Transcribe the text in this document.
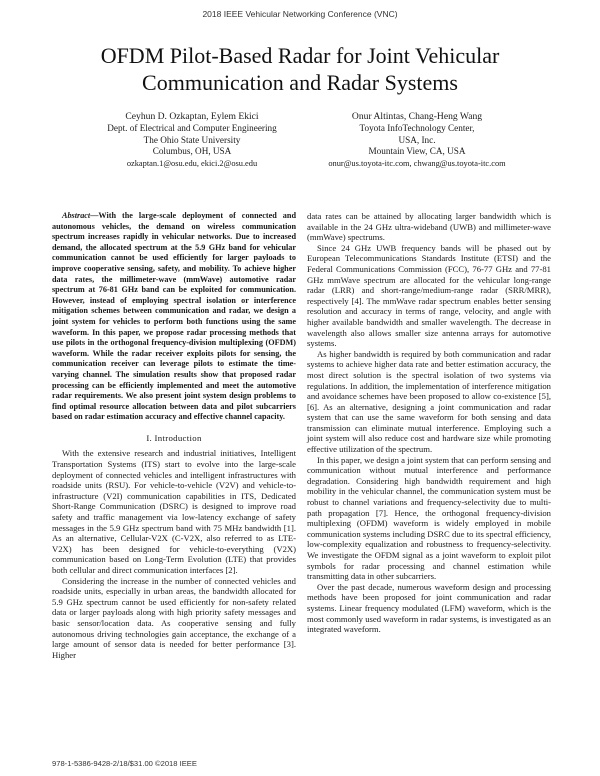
2018 IEEE Vehicular Networking Conference (VNC)
OFDM Pilot-Based Radar for Joint Vehicular
Communication and Radar Systems
Ceyhun D. Ozkaptan, Eylem Ekici
Dept. of Electrical and Computer Engineering
The Ohio State University
Columbus, OH, USA
ozkaptan.1@osu.edu, ekici.2@osu.edu
Onur Altintas, Chang-Heng Wang
Toyota InfoTechnology Center,
USA, Inc.
Mountain View, CA, USA
onur@us.toyota-itc.com, chwang@us.toyota-itc.com

Abstract—With the large-scale deployment of connected and autonomous vehicles, the demand on wireless communication spectrum increases rapidly in vehicular networks. Due to increased demand, the allocated spectrum at the 5.9 GHz band for vehicular communication cannot be used efficiently for larger payloads to improve cooperative sensing, safety, and mobility. To achieve higher data rates, the millimeter-wave (mmWave) automotive radar spectrum at 76-81 GHz band can be exploited for communication. However, instead of employing spectral isolation or interference mitigation schemes between communication and radar, we design a joint system for vehicles to perform both functions using the same waveform. In this paper, we propose radar processing methods that use pilots in the orthogonal frequency-division multiplexing (OFDM) waveform. While the radar receiver exploits pilots for sensing, the communication receiver can leverage pilots to estimate the time-varying channel. The simulation results show that proposed radar processing can be efficiently implemented and meet the automotive radar requirements. We also present joint system design problems to find optimal resource allocation between data and pilot subcarriers based on radar estimation accuracy and effective channel capacity.

I. Introduction

With the extensive research and industrial initiatives, Intelligent Transportation Systems (ITS) start to evolve into the large-scale deployment of connected vehicles and intelligent infrastructures with roadside units (RSU). For vehicle-to-vehicle (V2V) and vehicle-to-infrastructure (V2I) communication capabilities in ITS, Dedicated Short-Range Communication (DSRC) is designed to improve road safety and traffic management via low-latency exchange of safety messages in the 5.9 GHz spectrum band with 75 MHz bandwidth [1]. As an alternative, Cellular-V2X (C-V2X, also referred to as LTE-V2X) has been designed for vehicle-to-everything (V2X) communication based on Long-Term Evolution (LTE) that provides both cellular and direct communication interfaces [2].

Considering the increase in the number of connected vehicles and roadside units, especially in urban areas, the bandwidth allocated for 5.9 GHz spectrum cannot be used efficiently for non-safety related data or larger payloads along with high priority safety messages and basic sensor/location data. As cooperative sensing and fully autonomous driving technologies gain acceptance, the exchange of a large amount of sensor data is needed for better performance [3]. Higher

data rates can be attained by allocating larger bandwidth which is available in the 24 GHz ultra-wideband (UWB) and millimeter-wave (mmWave) spectrums.

Since 24 GHz UWB frequency bands will be phased out by European Telecommunications Standards Institute (ETSI) and the Federal Communications Commission (FCC), 76-77 GHz and 77-81 GHz mmWave spectrum are allocated for the vehicular long-range radar (LRR) and short-range/medium-range radar (SRR/MRR), respectively [4]. The mmWave radar spectrum enables better sensing resolution and accuracy in terms of range, velocity, and angle with higher available bandwidth and smaller wavelength. The decrease in wavelength also allows smaller size antenna arrays for automotive systems.

As higher bandwidth is required by both communication and radar systems to achieve higher data rate and better estimation accuracy, the most direct solution is the spectral isolation of two systems via regulations. In addition, the implementation of interference mitigation and avoidance schemes have been proposed to allow co-existence [5], [6]. As an alternative, designing a joint communication and radar system that can use the same waveform for both sensing and data transmission can eliminate mutual interference. Employing such a joint system will also reduce cost and hardware size while promoting effective utilization of the spectrum.

In this paper, we design a joint system that can perform sensing and communication without mutual interference and performance degradation. Considering high bandwidth requirement and high mobility in the vehicular channel, the communication system must be robust to channel variations and frequency-selectivity due to multi-path propagation [7]. Hence, the orthogonal frequency-division multiplexing (OFDM) waveform is widely employed in mobile communication systems including DSRC due to its spectral efficiency, low-complexity equalization and robustness to frequency-selectivity. We investigate the OFDM signal as a joint waveform to exploit pilot symbols for radar processing and channel estimation while transmitting data in other subcarriers.

Over the past decade, numerous waveform design and processing methods have been proposed for joint communication and radar systems. Linear frequency modulated (LFM) waveform, which is the most commonly used waveform in radar systems, is investigated as an integrated waveform.

978-1-5386-9428-2/18/$31.00 ©2018 IEEE
